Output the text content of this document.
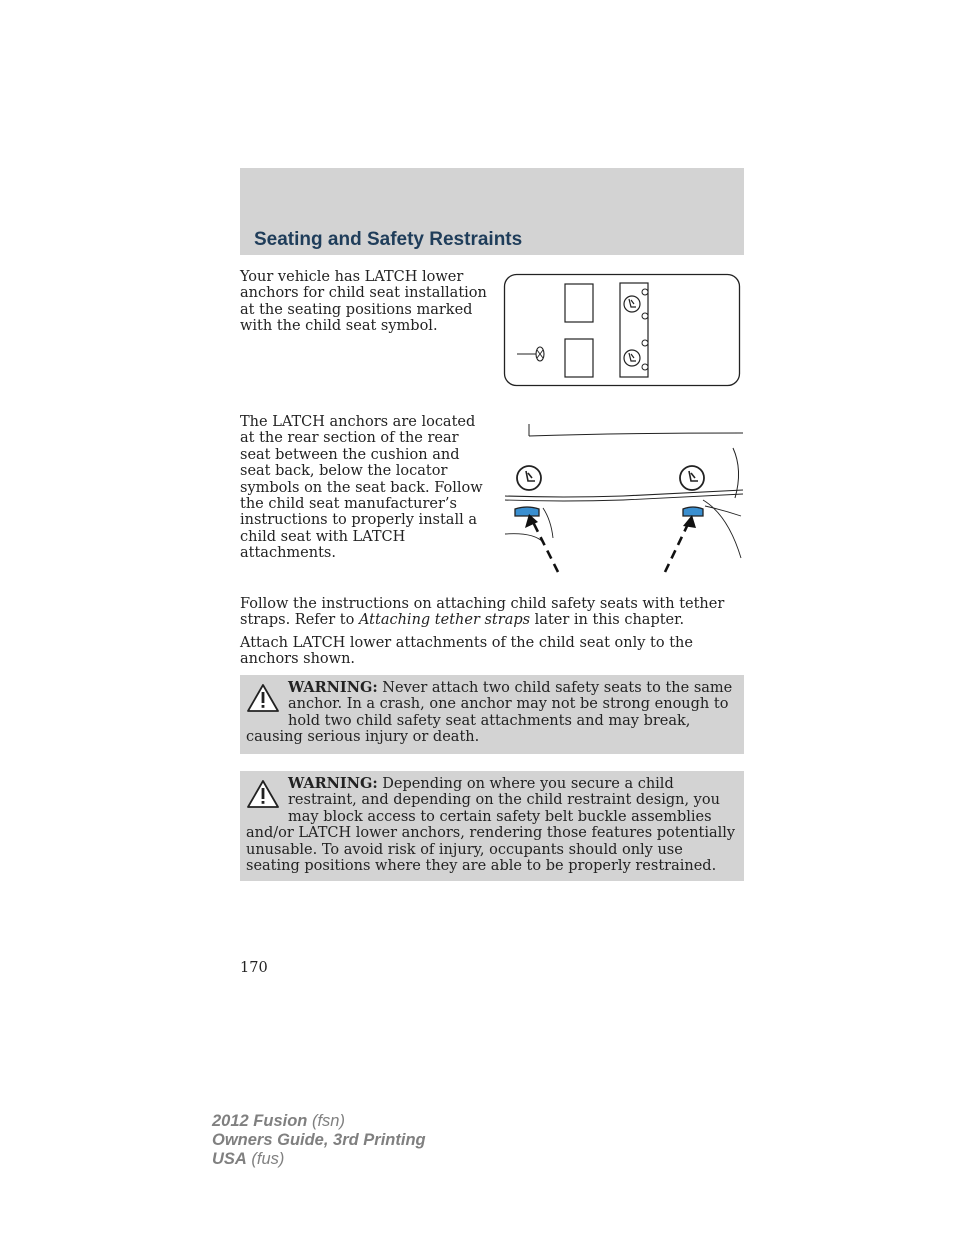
Seating and Safety Restraints

Your vehicle has LATCH lower anchors for child seat installation at the seating positions marked with the child seat symbol.

The LATCH anchors are located at the rear section of the rear seat between the cushion and seat back, below the locator symbols on the seat back. Follow the child seat manufacturer’s instructions to properly install a child seat with LATCH attachments.

Follow the instructions on attaching child safety seats with tether straps. Refer to Attaching tether straps later in this chapter.

Attach LATCH lower attachments of the child seat only to the anchors shown.

WARNING: Never attach two child safety seats to the same anchor. In a crash, one anchor may not be strong enough to hold two child safety seat attachments and may break, causing serious injury or death.
WARNING: Depending on where you secure a child restraint, and depending on the child restraint design, you may block access to certain safety belt buckle assemblies and/or LATCH lower anchors, rendering those features potentially unusable. To avoid risk of injury, occupants should only use seating positions where they are able to be properly restrained.

170

2012 Fusion (fsn)
Owners Guide, 3rd Printing
USA (fus)
